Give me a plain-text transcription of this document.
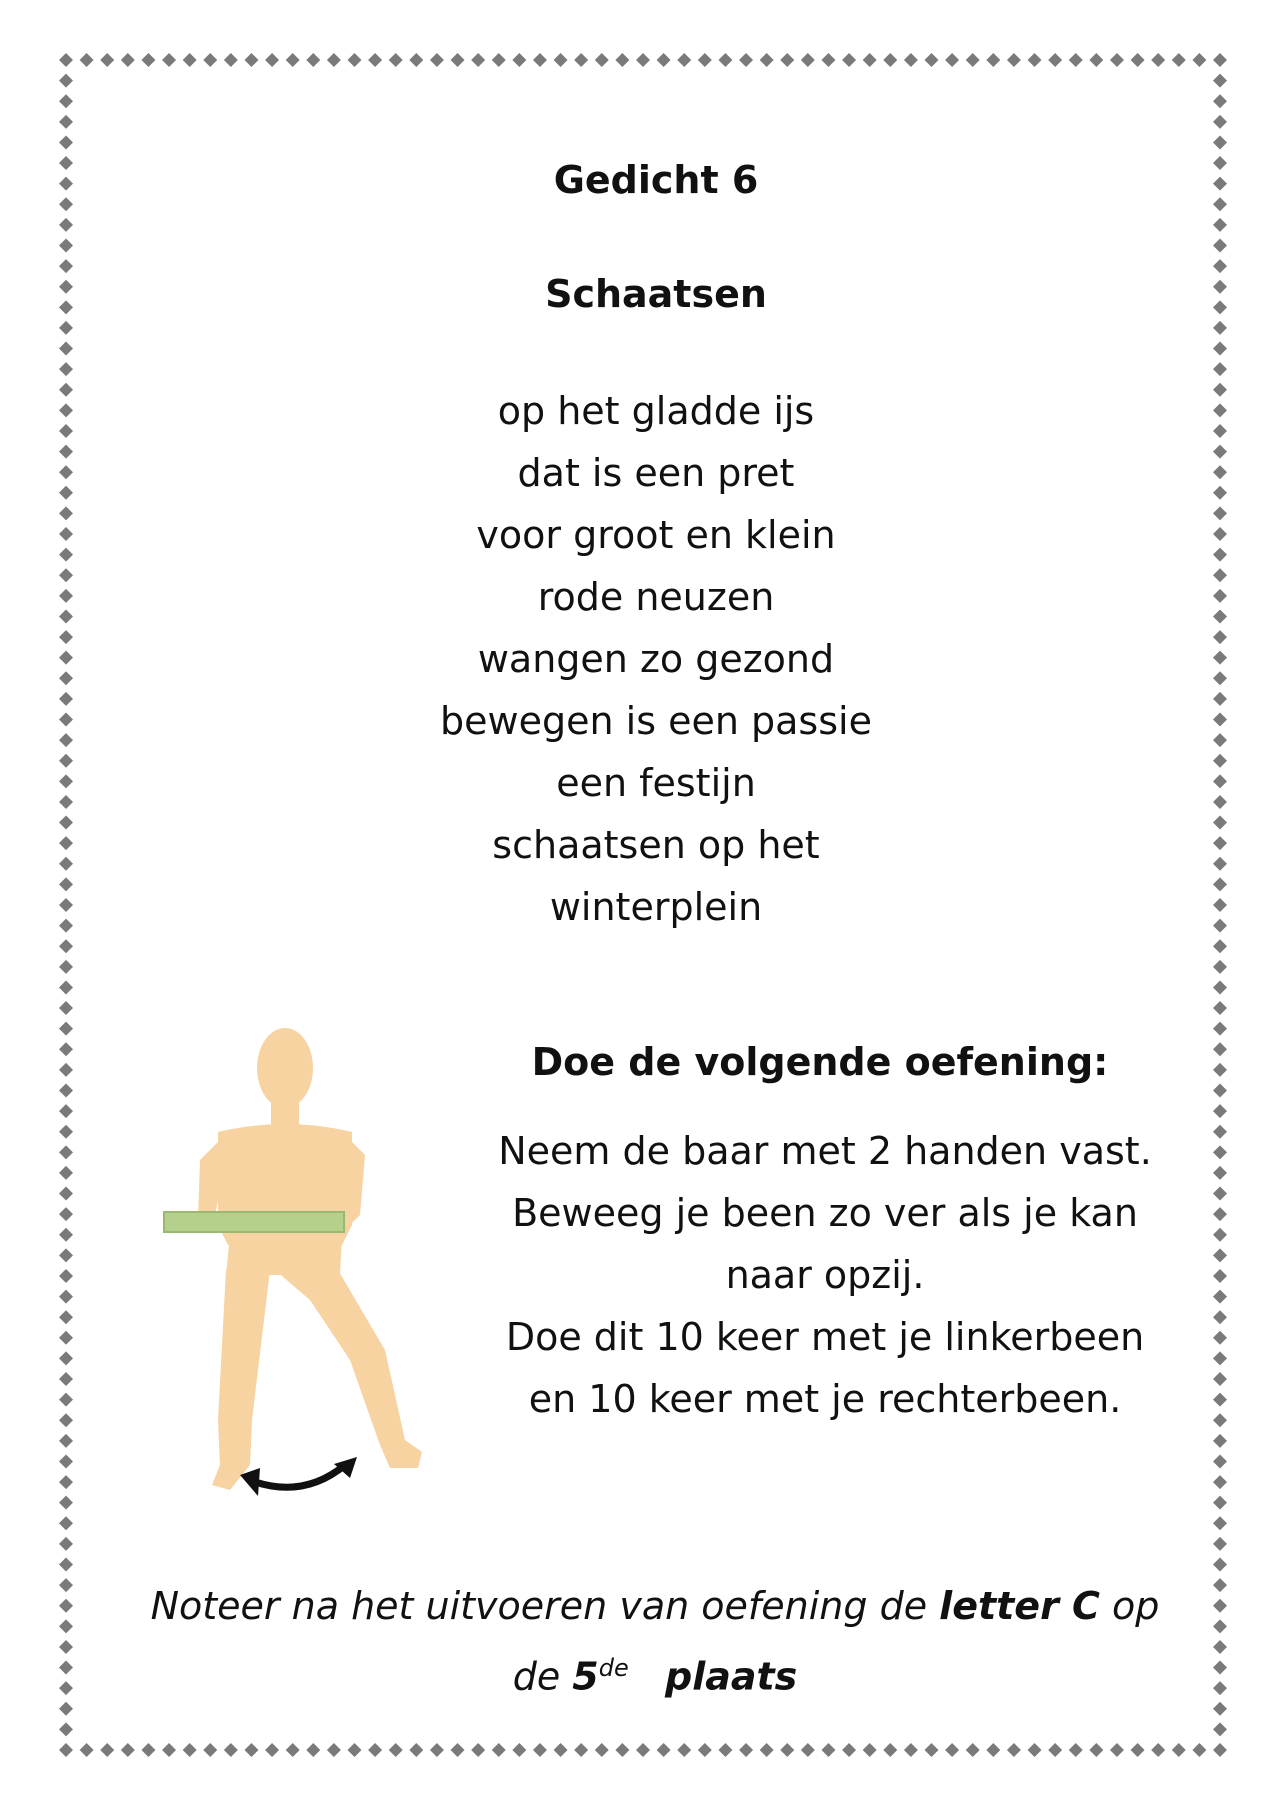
Gedicht 6
Schaatsen
op het gladde ijs
dat is een pret
voor groot en klein
rode neuzen
wangen zo gezond
bewegen is een passie
een festijn
schaatsen op het
winterplein
Doe de volgende oefening:
Neem de baar met 2 handen vast.
Beweeg je been zo ver als je kan
naar opzij.
Doe dit 10 keer met je linkerbeen
en 10 keer met je rechterbeen.
Noteer na het uitvoeren van oefening de letter C op
de 5de plaats
